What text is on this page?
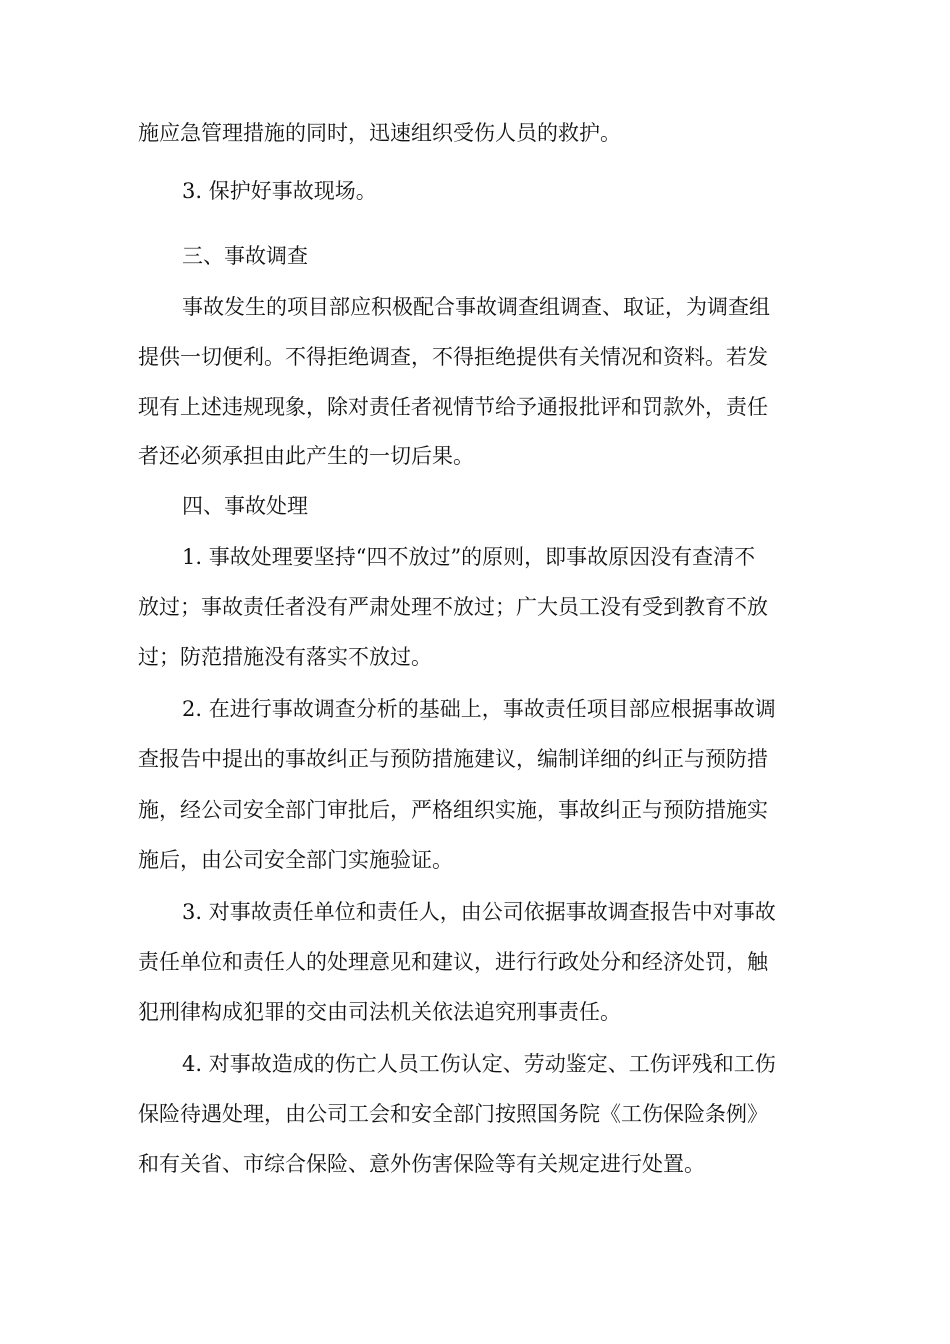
施应急管理措施的同时，迅速组织受伤人员的救护。
3. 保护好事故现场。
三、事故调查
事故发生的项目部应积极配合事故调查组调查、取证，为调查组
提供一切便利。不得拒绝调查，不得拒绝提供有关情况和资料。若发
现有上述违规现象，除对责任者视情节给予通报批评和罚款外，责任
者还必须承担由此产生的一切后果。
四、事故处理
1. 事故处理要坚持“四不放过”的原则，即事故原因没有查清不
放过；事故责任者没有严肃处理不放过；广大员工没有受到教育不放
过；防范措施没有落实不放过。
2. 在进行事故调查分析的基础上，事故责任项目部应根据事故调
查报告中提出的事故纠正与预防措施建议，编制详细的纠正与预防措
施，经公司安全部门审批后，严格组织实施，事故纠正与预防措施实
施后，由公司安全部门实施验证。
3. 对事故责任单位和责任人，由公司依据事故调查报告中对事故
责任单位和责任人的处理意见和建议，进行行政处分和经济处罚，触
犯刑律构成犯罪的交由司法机关依法追究刑事责任。
4. 对事故造成的伤亡人员工伤认定、劳动鉴定、工伤评残和工伤
保险待遇处理，由公司工会和安全部门按照国务院《工伤保险条例》
和有关省、市综合保险、意外伤害保险等有关规定进行处置。
